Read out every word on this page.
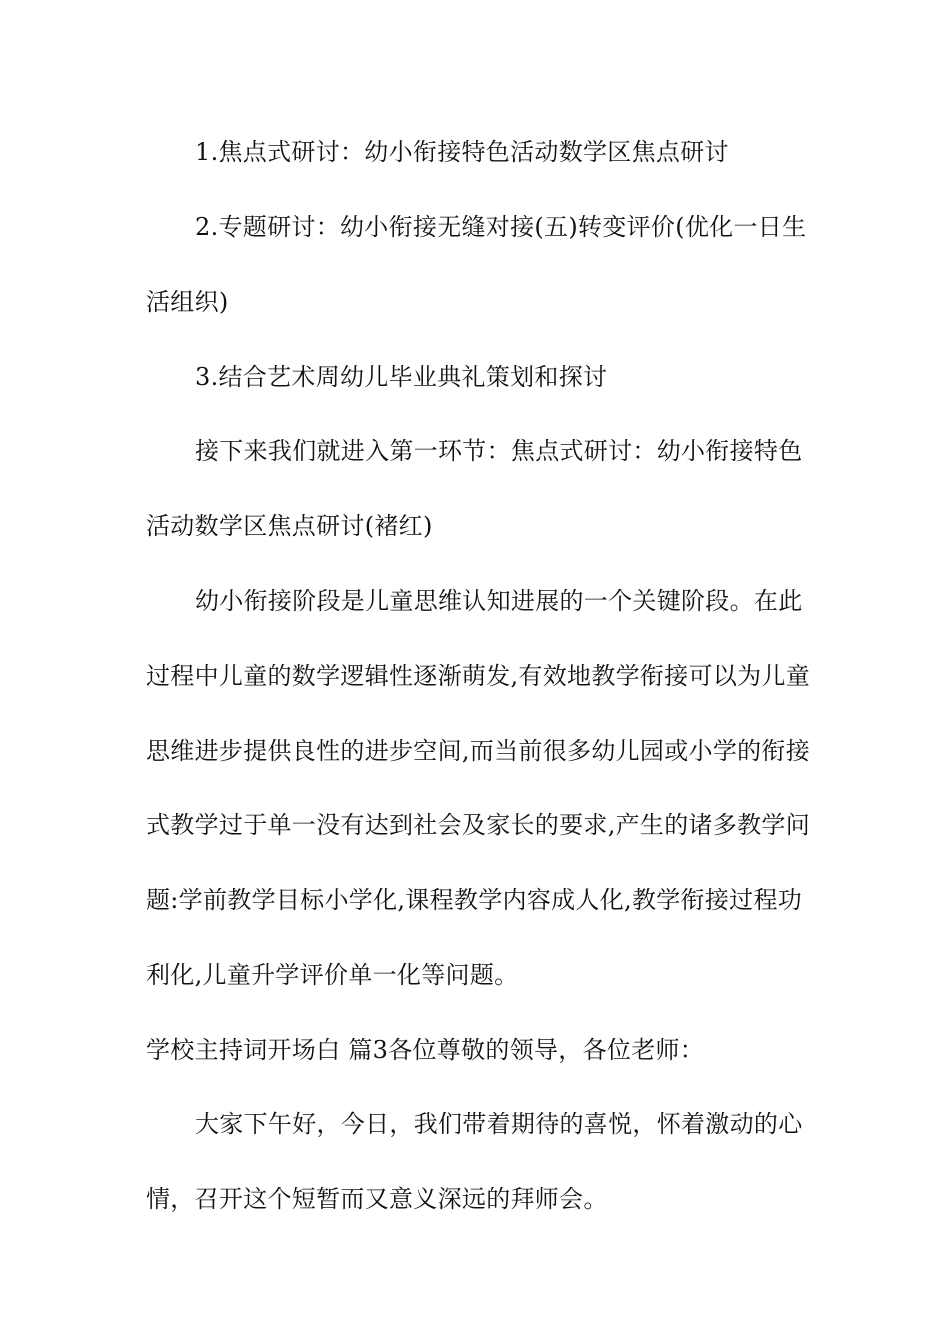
1.焦点式研讨：幼小衔接特色活动数学区焦点研讨
2.专题研讨：幼小衔接无缝对接(五)转变评价(优化一日生
活组织)
3.结合艺术周幼儿毕业典礼策划和探讨
接下来我们就进入第一环节：焦点式研讨：幼小衔接特色
活动数学区焦点研讨(褚红)
幼小衔接阶段是儿童思维认知进展的一个关键阶段。在此
过程中儿童的数学逻辑性逐渐萌发,有效地教学衔接可以为儿童
思维进步提供良性的进步空间,而当前很多幼儿园或小学的衔接
式教学过于单一没有达到社会及家长的要求,产生的诸多教学问
题:学前教学目标小学化,课程教学内容成人化,教学衔接过程功
利化,儿童升学评价单一化等问题。
学校主持词开场白 篇3各位尊敬的领导，各位老师：
大家下午好，今日，我们带着期待的喜悦，怀着激动的心
情，召开这个短暂而又意义深远的拜师会。
